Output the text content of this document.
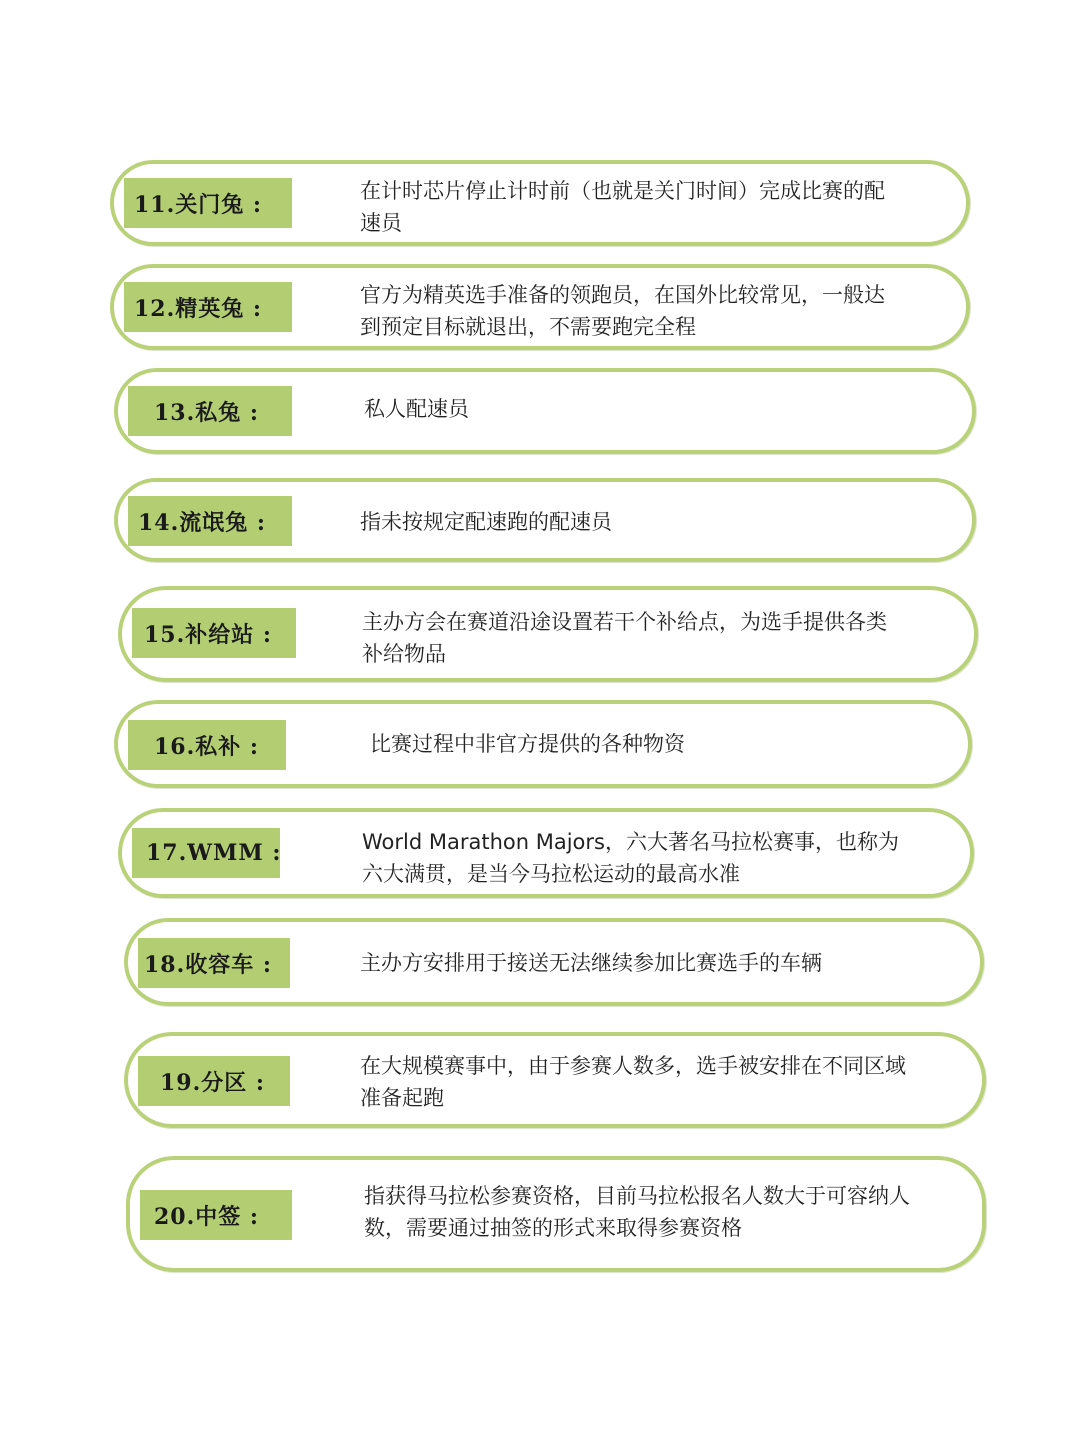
11.关门兔 :
在计时芯片停止计时前（也就是关门时间）完成比赛的配
速员
12.精英兔 :
官方为精英选手准备的领跑员，在国外比较常见，一般达
到预定目标就退出，不需要跑完全程
13.私兔 :	私人配速员
14.流氓兔 :	指未按规定配速跑的配速员
15.补给站 :	主办方会在赛道沿途设置若干个补给点，为选手提供各类
补给物品
16.私补 :	比赛过程中非官方提供的各种物资
17.WMM :	World Marathon Majors，六大著名马拉松赛事，也称为
六大满贯，是当今马拉松运动的最高水准
18.收容车 :	主办方安排用于接送无法继续参加比赛选手的车辆
19.分区 :
在大规模赛事中，由于参赛人数多，选手被安排在不同区域
准备起跑
20.中签 :
指获得马拉松参赛资格，目前马拉松报名人数大于可容纳人
数，需要通过抽签的形式来取得参赛资格
